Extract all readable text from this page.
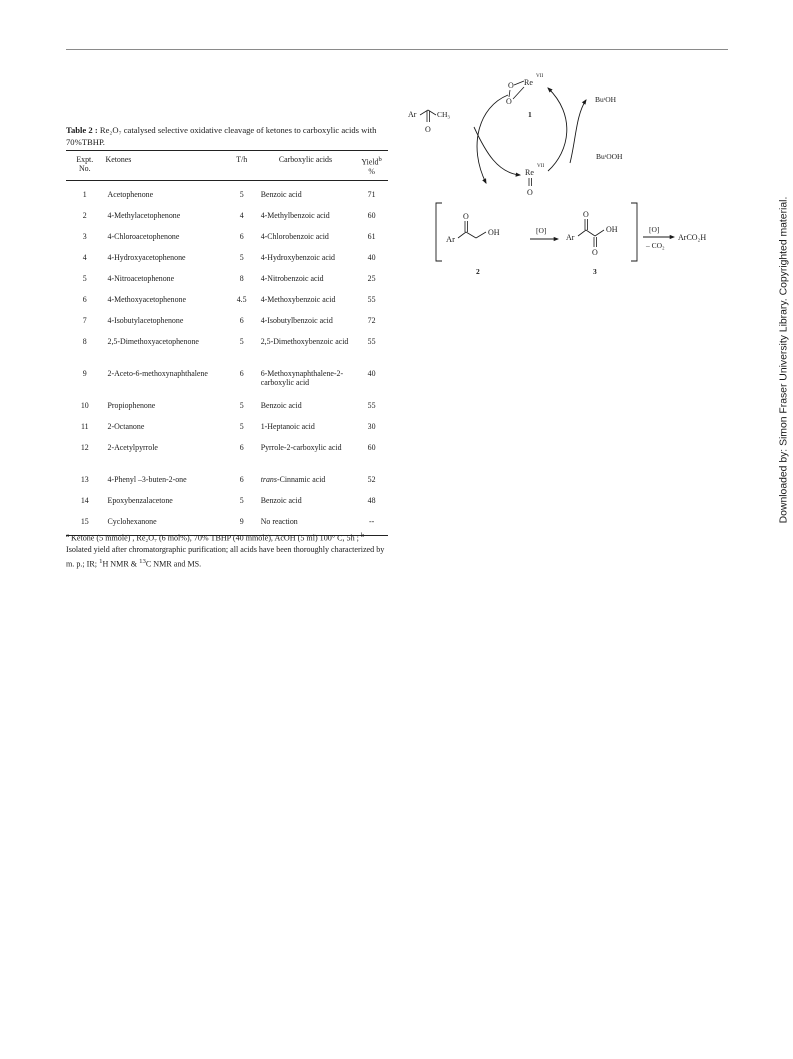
Table 2 : Re₂O₇ catalysed selective oxidative cleavage of ketones to carboxylic acids with 70%TBHP.
Expt.
No.	Ketones	T/h	Carboxylic acids	Yield$^b$
%
1	Acetophenone	5	Benzoic acid	71
2	4-Methylacetophenone	4	4-Methylbenzoic acid	60
3	4-Chloroacetophenone	6	4-Chlorobenzoic acid	61
4	4-Hydroxyacetophenone	5	4-Hydroxybenzoic acid	40
5	4-Nitroacetophenone	8	4-Nitrobenzoic acid	25
6	4-Methoxyacetophenone	4.5	4-Methoxybenzoic acid	55
7	4-Isobutylacetophenone	6	4-Isobutylbenzoic acid	72
8	2,5-Dimethoxyacetophenone	5	2,5-Dimethoxybenzoic acid	55
9	2-Aceto-6-methoxynaphthalene	6	6-Methoxynaphthalene-2-carboxylic acid	40
10	Propiophenone	5	Benzoic acid	55
11	2-Octanone	5	1-Heptanoic acid	30
12	2-Acetylpyrrole	6	Pyrrole-2-carboxylic acid	60
13	4-Phenyl –3-buten-2-one	6	trans-Cinnamic acid	52
14	Epoxybenzalacetone	5	Benzoic acid	48
15	Cyclohexanone	9	No reaction	--
$^a$ Ketone (5 mmole) , Re₂O₇ (6 mol%), 70% TBHP (40 mmole), AcOH (5 ml) 100° C, 5h ; $^b$ Isolated yield after chromatorgraphic purification; all acids have been thoroughly characterized by m. p.; IR; $^1$H NMR & $^{13}$C NMR and MS.
O
O
Re
VII
1
Ar
O
CH₃
BuᵗOH
BuᵗOOH
Re
VII
O
Ar
O
OH
2
[O]
Ar
O
O
OH
3
[O]
– CO₂
ArCO₂H	Downloaded by: Simon Fraser University Library. Copyrighted material.
